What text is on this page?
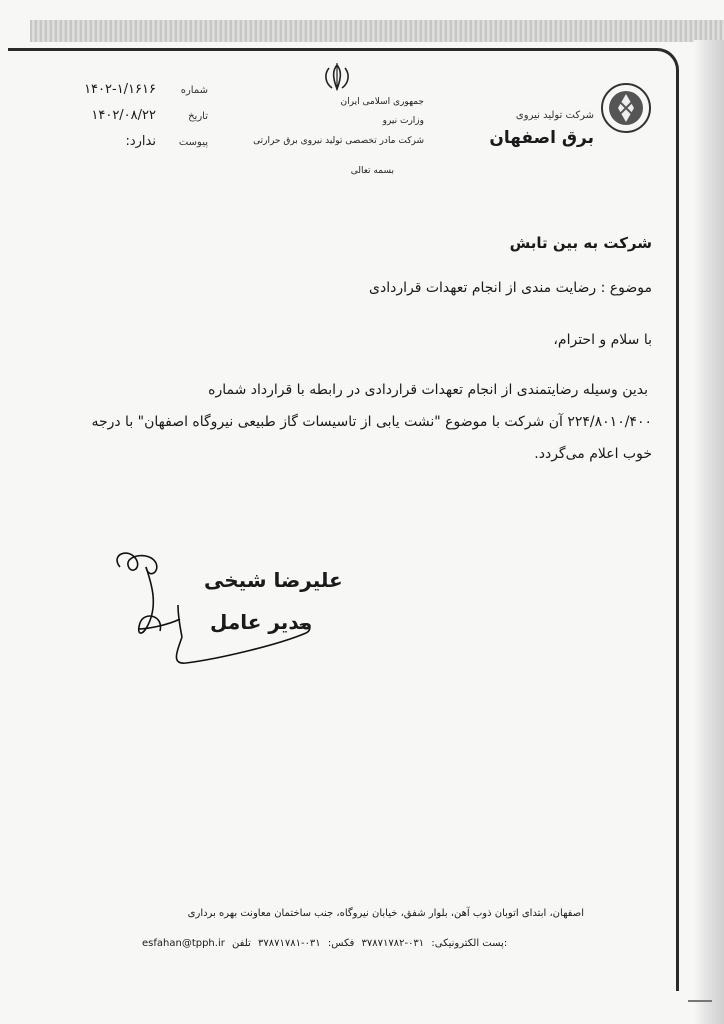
شماره
۱۴۰۲-۱/۱۶۱۶
تاریخ
۱۴۰۲/۰۸/۲۲
پیوست
ندارد:
جمهوری اسلامی ایران
وزارت نیرو
شرکت مادر تخصصی تولید نیروی برق حرارتی
بسمه تعالی
شرکت تولید نیروی
برق اصفهان
شرکت به بین تابش
موضوع : رضایت مندی از انجام تعهدات قراردادی
با سلام و احترام،
بدین وسیله رضایتمندی از انجام تعهدات قراردادی در رابطه با قرارداد شماره
۲۲۴/۸۰۱۰/۴۰۰ آن شرکت با موضوع "نشت یابی از تاسیسات گاز طبیعی نیروگاه اصفهان" با درجه
خوب اعلام می‌گردد.
علیرضا شیخی
مدیر عامل
اصفهان، ابتدای اتوبان ذوب آهن، بلوار شفق، خیابان نیروگاه، جنب ساختمان معاونت بهره برداری
esfahan@tpph.ir	پست الکترونیکی: ۰۳۱-۳۷۸۷۱۷۸۲ فکس: ۰۳۱-۳۷۸۷۱۷۸۱ تلفن:
